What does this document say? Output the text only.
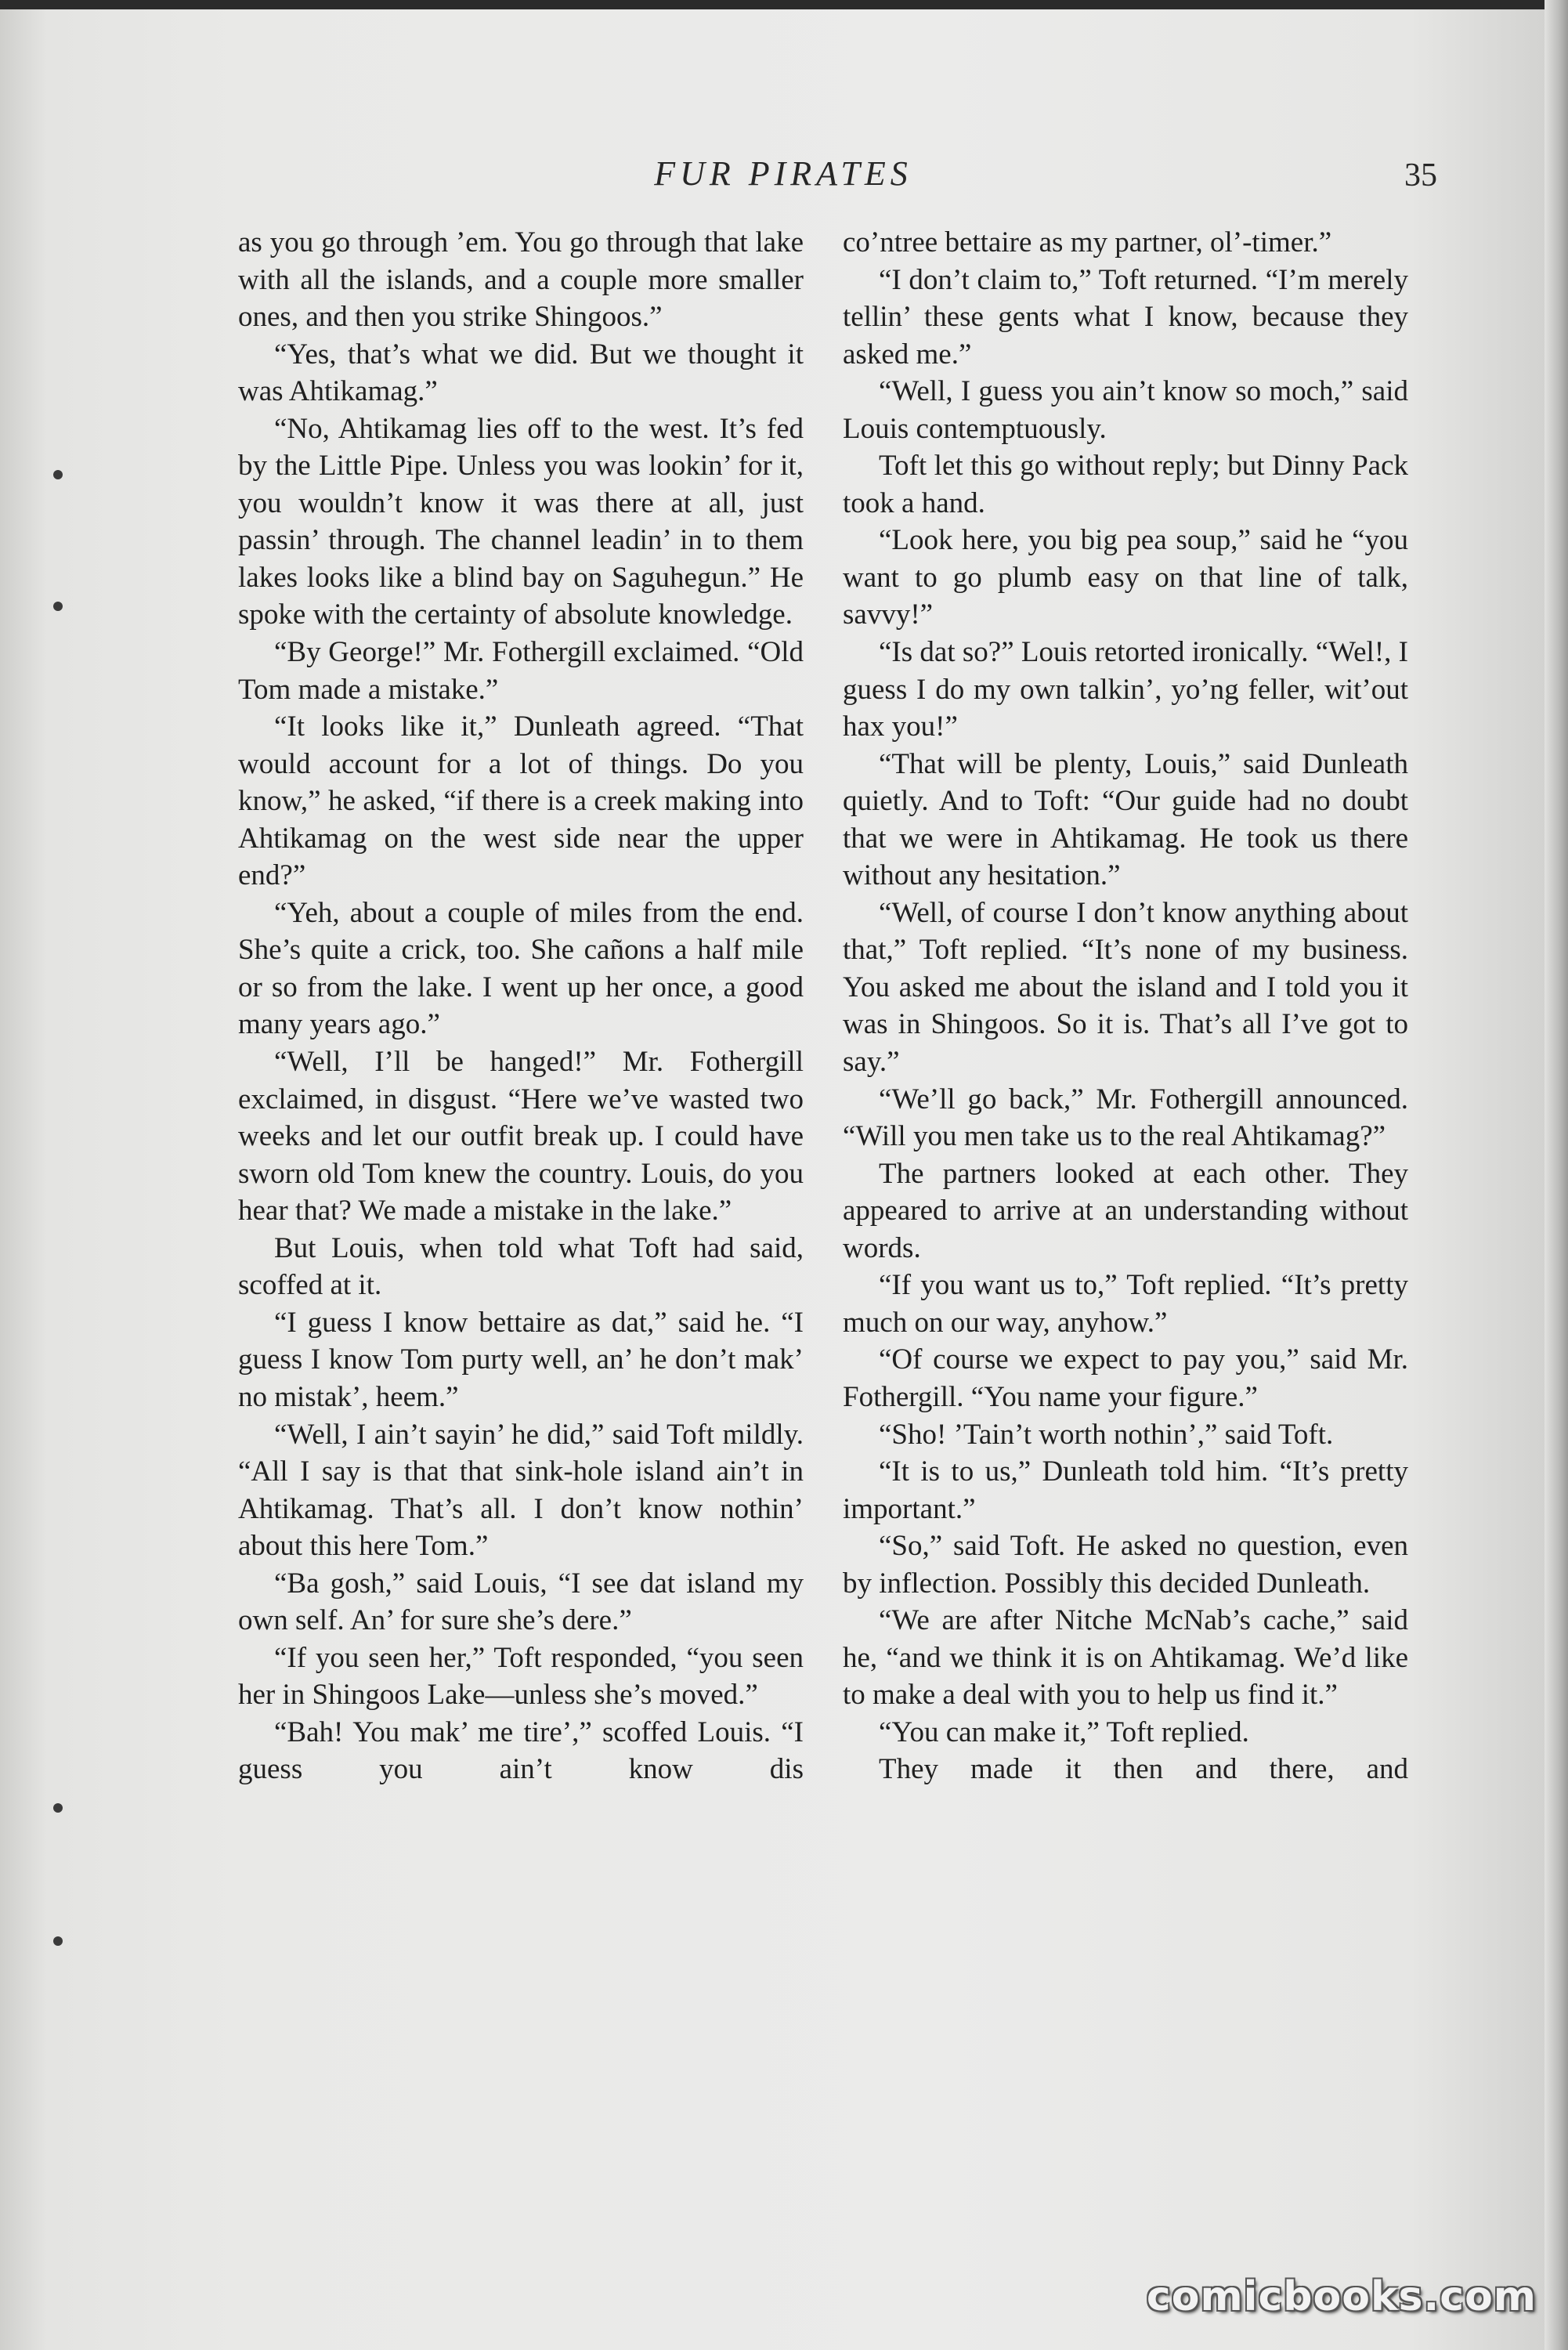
FUR PIRATES	35

as you go through ’em. You go through that lake with all the islands, and a couple more smaller ones, and then you strike Shingoos.”

“Yes, that’s what we did. But we thought it was Ahtikamag.”

“No, Ahtikamag lies off to the west. It’s fed by the Little Pipe. Unless you was lookin’ for it, you wouldn’t know it was there at all, just passin’ through. The channel leadin’ in to them lakes looks like a blind bay on Saguhegun.” He spoke with the certainty of absolute knowledge.

“By George!” Mr. Fothergill exclaimed. “Old Tom made a mistake.”

“It looks like it,” Dunleath agreed. “That would account for a lot of things. Do you know,” he asked, “if there is a creek making into Ahtikamag on the west side near the upper end?”

“Yeh, about a couple of miles from the end. She’s quite a crick, too. She cañons a half mile or so from the lake. I went up her once, a good many years ago.”

“Well, I’ll be hanged!” Mr. Fothergill exclaimed, in disgust. “Here we’ve wasted two weeks and let our outfit break up. I could have sworn old Tom knew the country. Louis, do you hear that? We made a mistake in the lake.”

But Louis, when told what Toft had said, scoffed at it.

“I guess I know bettaire as dat,” said he. “I guess I know Tom purty well, an’ he don’t mak’ no mistak’, heem.”

“Well, I ain’t sayin’ he did,” said Toft mildly. “All I say is that that sink-hole island ain’t in Ahtikamag. That’s all. I don’t know nothin’ about this here Tom.”

“Ba gosh,” said Louis, “I see dat island my own self. An’ for sure she’s dere.”

“If you seen her,” Toft responded, “you seen her in Shingoos Lake—unless she’s moved.”

“Bah! You mak’ me tire’,” scoffed Louis. “I guess you ain’t know dis

co’ntree bettaire as my partner, ol’-timer.”

“I don’t claim to,” Toft returned. “I’m merely tellin’ these gents what I know, because they asked me.”

“Well, I guess you ain’t know so moch,” said Louis contemptuously.

Toft let this go without reply; but Dinny Pack took a hand.

“Look here, you big pea soup,” said he “you want to go plumb easy on that line of talk, savvy!”

“Is dat so?” Louis retorted ironically. “Wel!, I guess I do my own talkin’, yo’ng feller, wit’out hax you!”

“That will be plenty, Louis,” said Dunleath quietly. And to Toft: “Our guide had no doubt that we were in Ahtikamag. He took us there without any hesitation.”

“Well, of course I don’t know anything about that,” Toft replied. “It’s none of my business. You asked me about the island and I told you it was in Shingoos. So it is. That’s all I’ve got to say.”

“We’ll go back,” Mr. Fothergill announced. “Will you men take us to the real Ahtikamag?”

The partners looked at each other. They appeared to arrive at an understanding without words.

“If you want us to,” Toft replied. “It’s pretty much on our way, anyhow.”

“Of course we expect to pay you,” said Mr. Fothergill. “You name your figure.”

“Sho! ’Tain’t worth nothin’,” said Toft.

“It is to us,” Dunleath told him. “It’s pretty important.”

“So,” said Toft. He asked no question, even by inflection. Possibly this decided Dunleath.

“We are after Nitche McNab’s cache,” said he, “and we think it is on Ahtikamag. We’d like to make a deal with you to help us find it.”

“You can make it,” Toft replied.

They made it then and there, and

comicbooks.com
